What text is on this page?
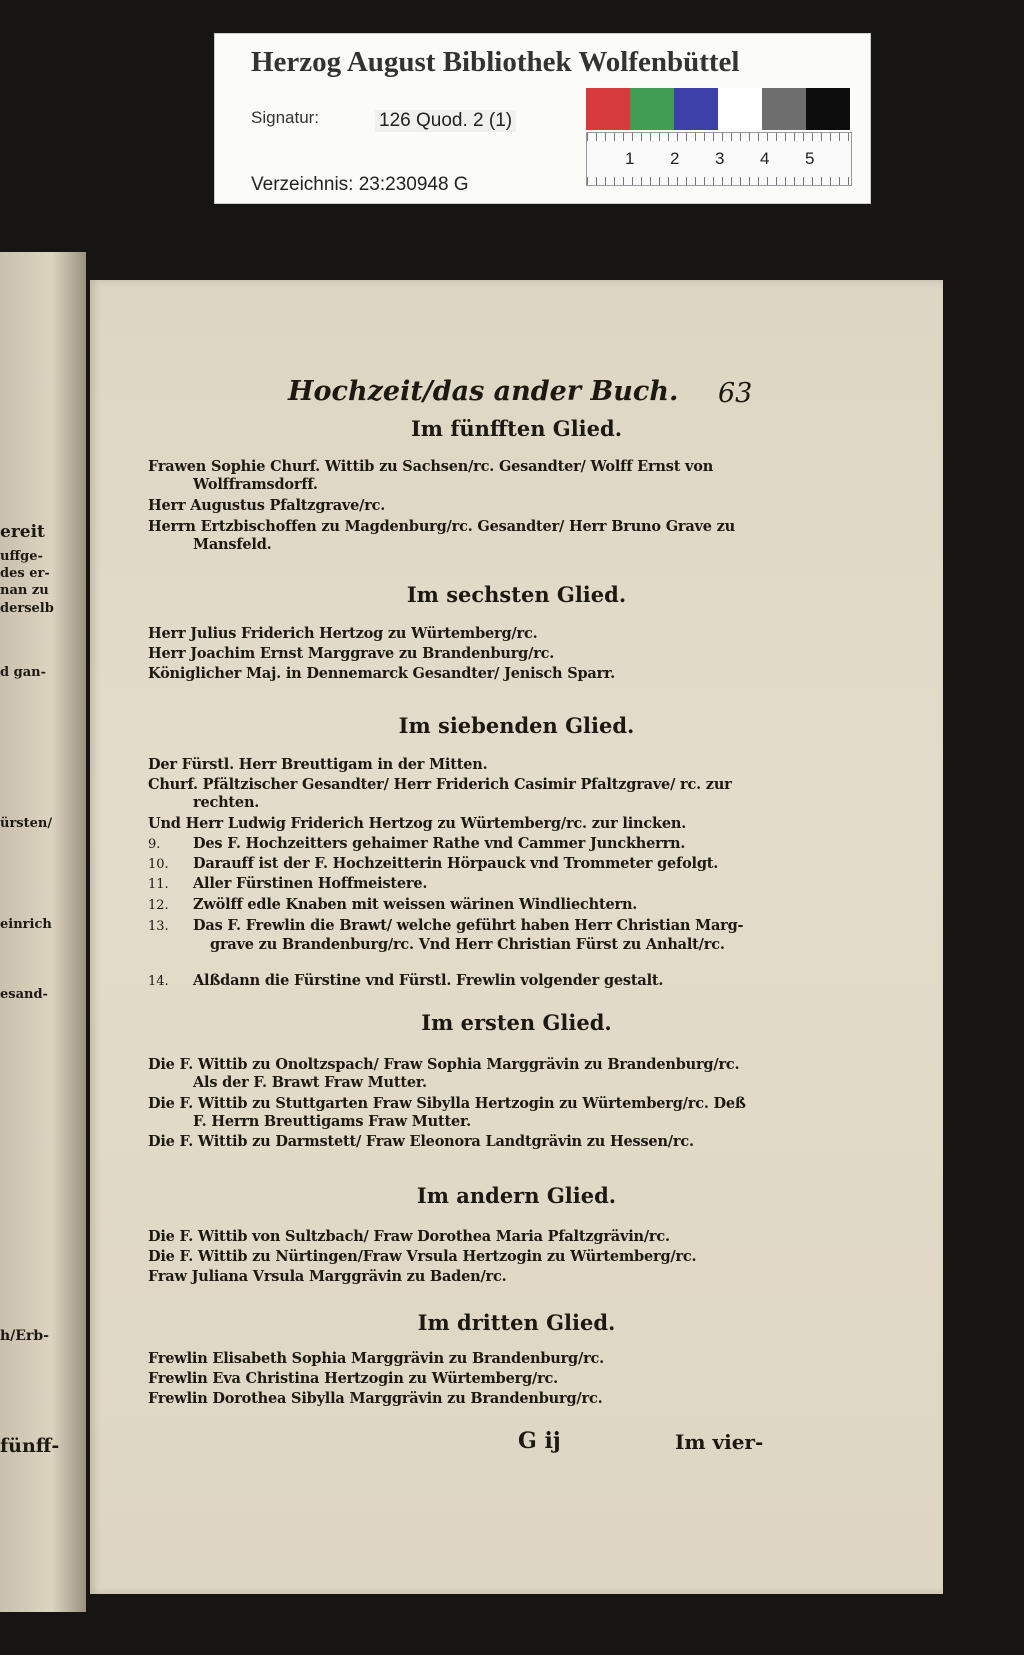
Herzog August Bibliothek Wolfenbüttel
Signatur:	126 Quod. 2 (1)
Verzeichnis: 23:230948 G
1 2 3 4 5
ereit
uffge-
des er-
nan zu
derselb
d gan-
ürsten/
einrich
esand-
h/Erb-
fünff-
Hochzeit/das ander Buch. 63
Im fünfften Glied.
Frawen Sophie Churf. Wittib zu Sachsen/rc. Gesandter/ Wolff Ernst von
Wolfframsdorff.
Herr Augustus Pfaltzgrave/rc.
Herrn Ertzbischoffen zu Magdenburg/rc. Gesandter/ Herr Bruno Grave zu
Mansfeld.
Im sechsten Glied.
Herr Julius Friderich Hertzog zu Würtemberg/rc.
Herr Joachim Ernst Marggrave zu Brandenburg/rc.
Königlicher Maj. in Dennemarck Gesandter/ Jenisch Sparr.
Im siebenden Glied.
Der Fürstl. Herr Breuttigam in der Mitten.
Churf. Pfältzischer Gesandter/ Herr Friderich Casimir Pfaltzgrave/ rc. zur
rechten.
Und Herr Ludwig Friderich Hertzog zu Würtemberg/rc. zur lincken.
9. Des F. Hochzeitters gehaimer Rathe vnd Cammer Junckherrn.
10. Darauff ist der F. Hochzeitterin Hörpauck vnd Trommeter gefolgt.
11. Aller Fürstinen Hoffmeistere.
12. Zwölff edle Knaben mit weissen wärinen Windliechtern.
13. Das F. Frewlin die Brawt/ welche geführt haben Herr Christian Marg-
grave zu Brandenburg/rc. Vnd Herr Christian Fürst zu Anhalt/rc.
14. Alßdann die Fürstine vnd Fürstl. Frewlin volgender gestalt.
Im ersten Glied.
Die F. Wittib zu Onoltzspach/ Fraw Sophia Marggrävin zu Brandenburg/rc.
Als der F. Brawt Fraw Mutter.
Die F. Wittib zu Stuttgarten Fraw Sibylla Hertzogin zu Würtemberg/rc. Deß
F. Herrn Breuttigams Fraw Mutter.
Die F. Wittib zu Darmstett/ Fraw Eleonora Landtgrävin zu Hessen/rc.
Im andern Glied.
Die F. Wittib von Sultzbach/ Fraw Dorothea Maria Pfaltzgrävin/rc.
Die F. Wittib zu Nürtingen/Fraw Vrsula Hertzogin zu Würtemberg/rc.
Fraw Juliana Vrsula Marggrävin zu Baden/rc.
Im dritten Glied.
Frewlin Elisabeth Sophia Marggrävin zu Brandenburg/rc.
Frewlin Eva Christina Hertzogin zu Würtemberg/rc.
Frewlin Dorothea Sibylla Marggrävin zu Brandenburg/rc.
G ij	Im vier-
